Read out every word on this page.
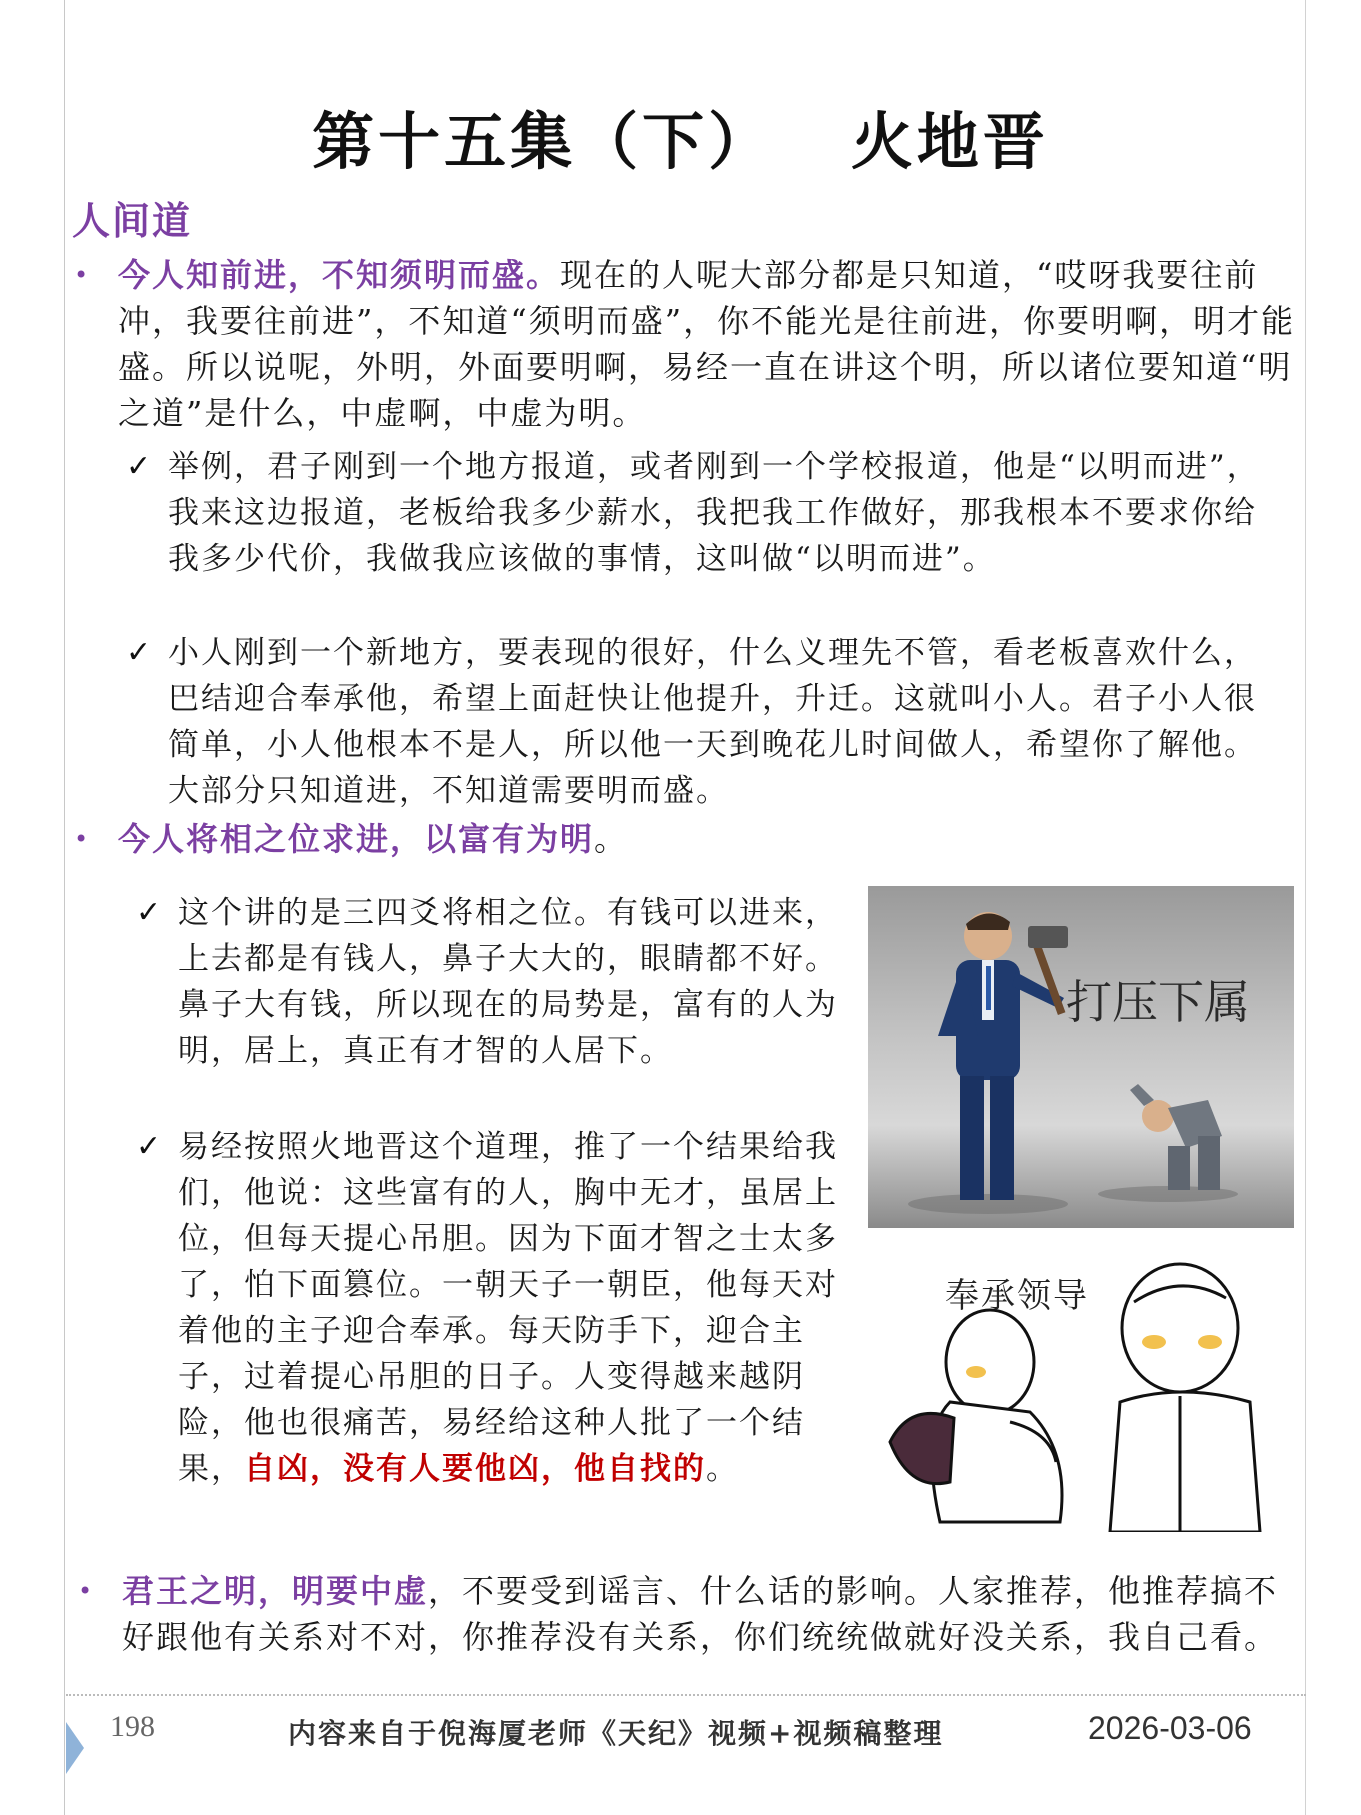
第十五集（下）   火地晋
人间道
• 今人知前进，不知须明而盛。现在的人呢大部分都是只知道，“哎呀我要往前冲，我要往前进”，不知道“须明而盛”，你不能光是往前进，你要明啊，明才能盛。所以说呢，外明，外面要明啊，易经一直在讲这个明，所以诸位要知道“明之道”是什么，中虚啊，中虚为明。
✓ 举例，君子刚到一个地方报道，或者刚到一个学校报道，他是“以明而进”，我来这边报道，老板给我多少薪水，我把我工作做好，那我根本不要求你给我多少代价，我做我应该做的事情，这叫做“以明而进”。
✓ 小人刚到一个新地方，要表现的很好，什么义理先不管，看老板喜欢什么，巴结迎合奉承他，希望上面赶快让他提升，升迁。这就叫小人。君子小人很简单，小人他根本不是人，所以他一天到晚花儿时间做人，希望你了解他。大部分只知道进，不知道需要明而盛。
• 今人将相之位求进，以富有为明。
✓ 这个讲的是三四爻将相之位。有钱可以进来，上去都是有钱人，鼻子大大的，眼睛都不好。鼻子大有钱，所以现在的局势是，富有的人为明，居上，真正有才智的人居下。
✓ 易经按照火地晋这个道理，推了一个结果给我们，他说：这些富有的人，胸中无才，虽居上位，但每天提心吊胆。因为下面才智之士太多了，怕下面篡位。一朝天子一朝臣，他每天对着他的主子迎合奉承。每天防手下，迎合主子，过着提心吊胆的日子。人变得越来越阴险，他也很痛苦，易经给这种人批了一个结果，自凶，没有人要他凶，他自找的。
打压下属
奉承领导
• 君王之明，明要中虚，不要受到谣言、什么话的影响。人家推荐，他推荐搞不好跟他有关系对不对，你推荐没有关系，你们统统做就好没关系，我自己看。
198	内容来自于倪海厦老师《天纪》视频+视频稿整理	2026-03-06
